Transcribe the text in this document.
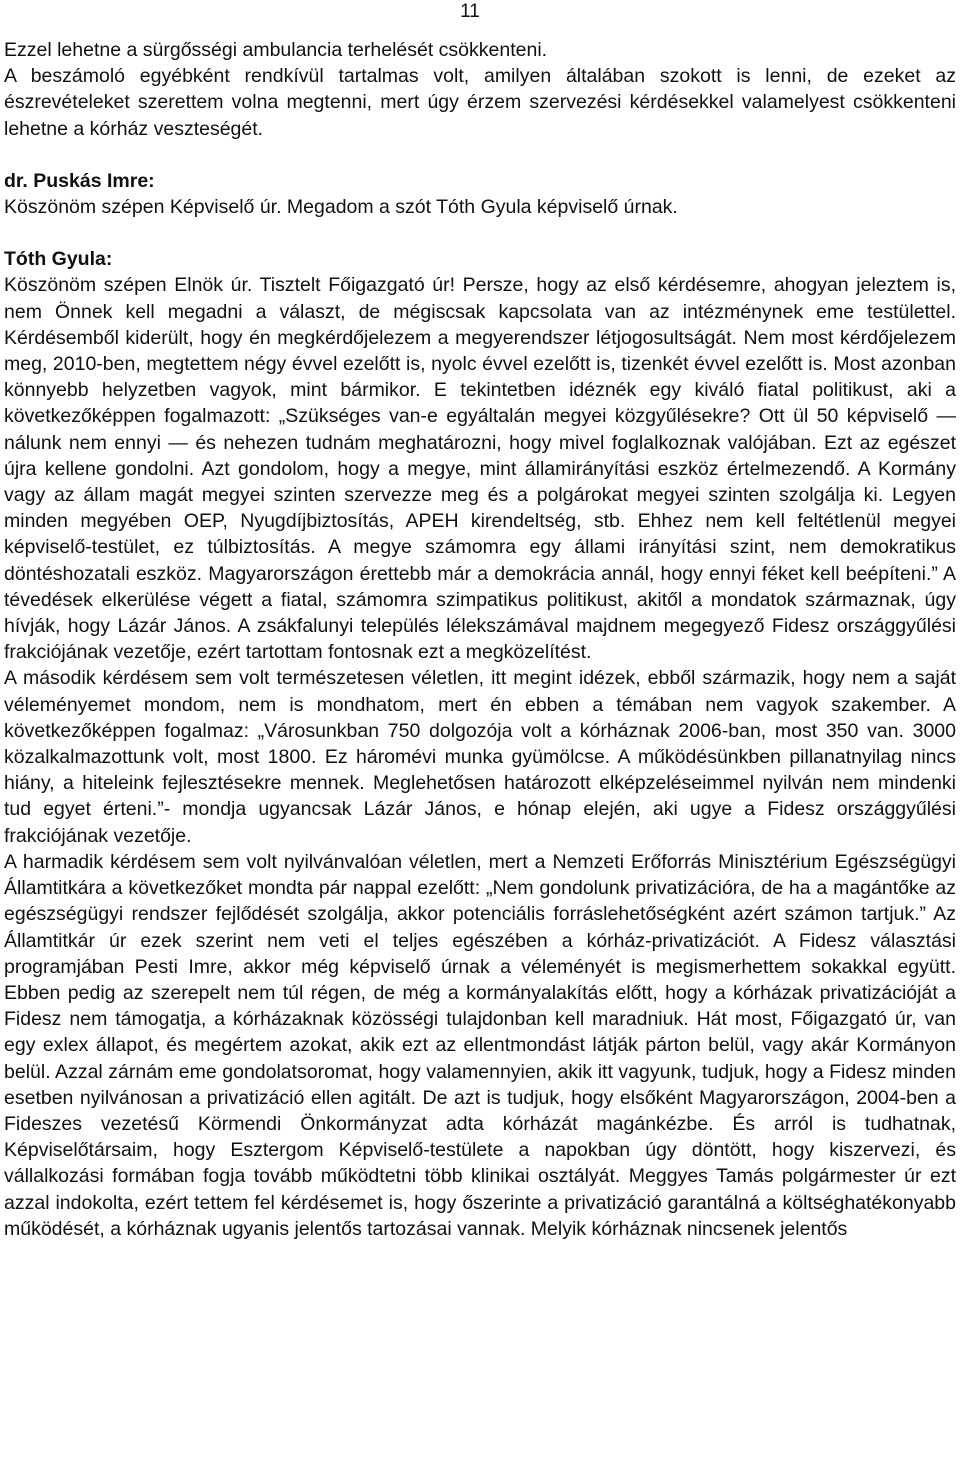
11

Ezzel lehetne a sürgősségi ambulancia terhelését csökkenteni.

A beszámoló egyébként rendkívül tartalmas volt, amilyen általában szokott is lenni, de ezeket az észrevételeket szerettem volna megtenni, mert úgy érzem szervezési kérdésekkel valamelyest csökkenteni lehetne a kórház veszteségét.

dr. Puskás Imre:

Köszönöm szépen Képviselő úr. Megadom a szót Tóth Gyula képviselő úrnak.

Tóth Gyula:

Köszönöm szépen Elnök úr. Tisztelt Főigazgató úr! Persze, hogy az első kérdésemre, ahogyan jeleztem is, nem Önnek kell megadni a választ, de mégiscsak kapcsolata van az intézménynek eme testülettel. Kérdésemből kiderült, hogy én megkérdőjelezem a megyerendszer létjogosultságát. Nem most kérdőjelezem meg, 2010-ben, megtettem négy évvel ezelőtt is, nyolc évvel ezelőtt is, tizenkét évvel ezelőtt is. Most azonban könnyebb helyzetben vagyok, mint bármikor. E tekintetben idéznék egy kiváló fiatal politikust, aki a következőképpen fogalmazott: „Szükséges van-e egyáltalán megyei közgyűlésekre? Ott ül 50 képviselő — nálunk nem ennyi — és nehezen tudnám meghatározni, hogy mivel foglalkoznak valójában. Ezt az egészet újra kellene gondolni. Azt gondolom, hogy a megye, mint államirányítási eszköz értelmezendő. A Kormány vagy az állam magát megyei szinten szervezze meg és a polgárokat megyei szinten szolgálja ki. Legyen minden megyében OEP, Nyugdíjbiztosítás, APEH kirendeltség, stb. Ehhez nem kell feltétlenül megyei képviselő-testület, ez túlbiztosítás. A megye számomra egy állami irányítási szint, nem demokratikus döntéshozatali eszköz. Magyarországon érettebb már a demokrácia annál, hogy ennyi féket kell beépíteni.” A tévedések elkerülése végett a fiatal, számomra szimpatikus politikust, akitől a mondatok származnak, úgy hívják, hogy Lázár János. A zsákfalunyi település lélekszámával majdnem megegyező Fidesz országgyűlési frakciójának vezetője, ezért tartottam fontosnak ezt a megközelítést.

A második kérdésem sem volt természetesen véletlen, itt megint idézek, ebből származik, hogy nem a saját véleményemet mondom, nem is mondhatom, mert én ebben a témában nem vagyok szakember. A következőképpen fogalmaz: „Városunkban 750 dolgozója volt a kórháznak 2006-ban, most 350 van. 3000 közalkalmazottunk volt, most 1800. Ez háromévi munka gyümölcse. A működésünkben pillanatnyilag nincs hiány, a hiteleink fejlesztésekre mennek. Meglehetősen határozott elképzeléseimmel nyilván nem mindenki tud egyet érteni.”- mondja ugyancsak Lázár János, e hónap elején, aki ugye a Fidesz országgyűlési frakciójának vezetője.

A harmadik kérdésem sem volt nyilvánvalóan véletlen, mert a Nemzeti Erőforrás Minisztérium Egészségügyi Államtitkára a következőket mondta pár nappal ezelőtt: „Nem gondolunk privatizációra, de ha a magántőke az egészségügyi rendszer fejlődését szolgálja, akkor potenciális forráslehetőségként azért számon tartjuk.” Az Államtitkár úr ezek szerint nem veti el teljes egészében a kórház-privatizációt. A Fidesz választási programjában Pesti Imre, akkor még képviselő úrnak a véleményét is megismerhettem sokakkal együtt. Ebben pedig az szerepelt nem túl régen, de még a kormányalakítás előtt, hogy a kórházak privatizációját a Fidesz nem támogatja, a kórházaknak közösségi tulajdonban kell maradniuk. Hát most, Főigazgató úr, van egy exlex állapot, és megértem azokat, akik ezt az ellentmondást látják párton belül, vagy akár Kormányon belül. Azzal zárnám eme gondolatsoromat, hogy valamennyien, akik itt vagyunk, tudjuk, hogy a Fidesz minden esetben nyilvánosan a privatizáció ellen agitált. De azt is tudjuk, hogy elsőként Magyarországon, 2004-ben a Fideszes vezetésű Körmendi Önkormányzat adta kórházát magánkézbe. És arról is tudhatnak, Képviselőtársaim, hogy Esztergom Képviselő-testülete a napokban úgy döntött, hogy kiszervezi, és vállalkozási formában fogja tovább működtetni több klinikai osztályát. Meggyes Tamás polgármester úr ezt azzal indokolta, ezért tettem fel kérdésemet is, hogy őszerinte a privatizáció garantálná a költséghatékonyabb működését, a kórháznak ugyanis jelentős tartozásai vannak. Melyik kórháznak nincsenek jelentős
